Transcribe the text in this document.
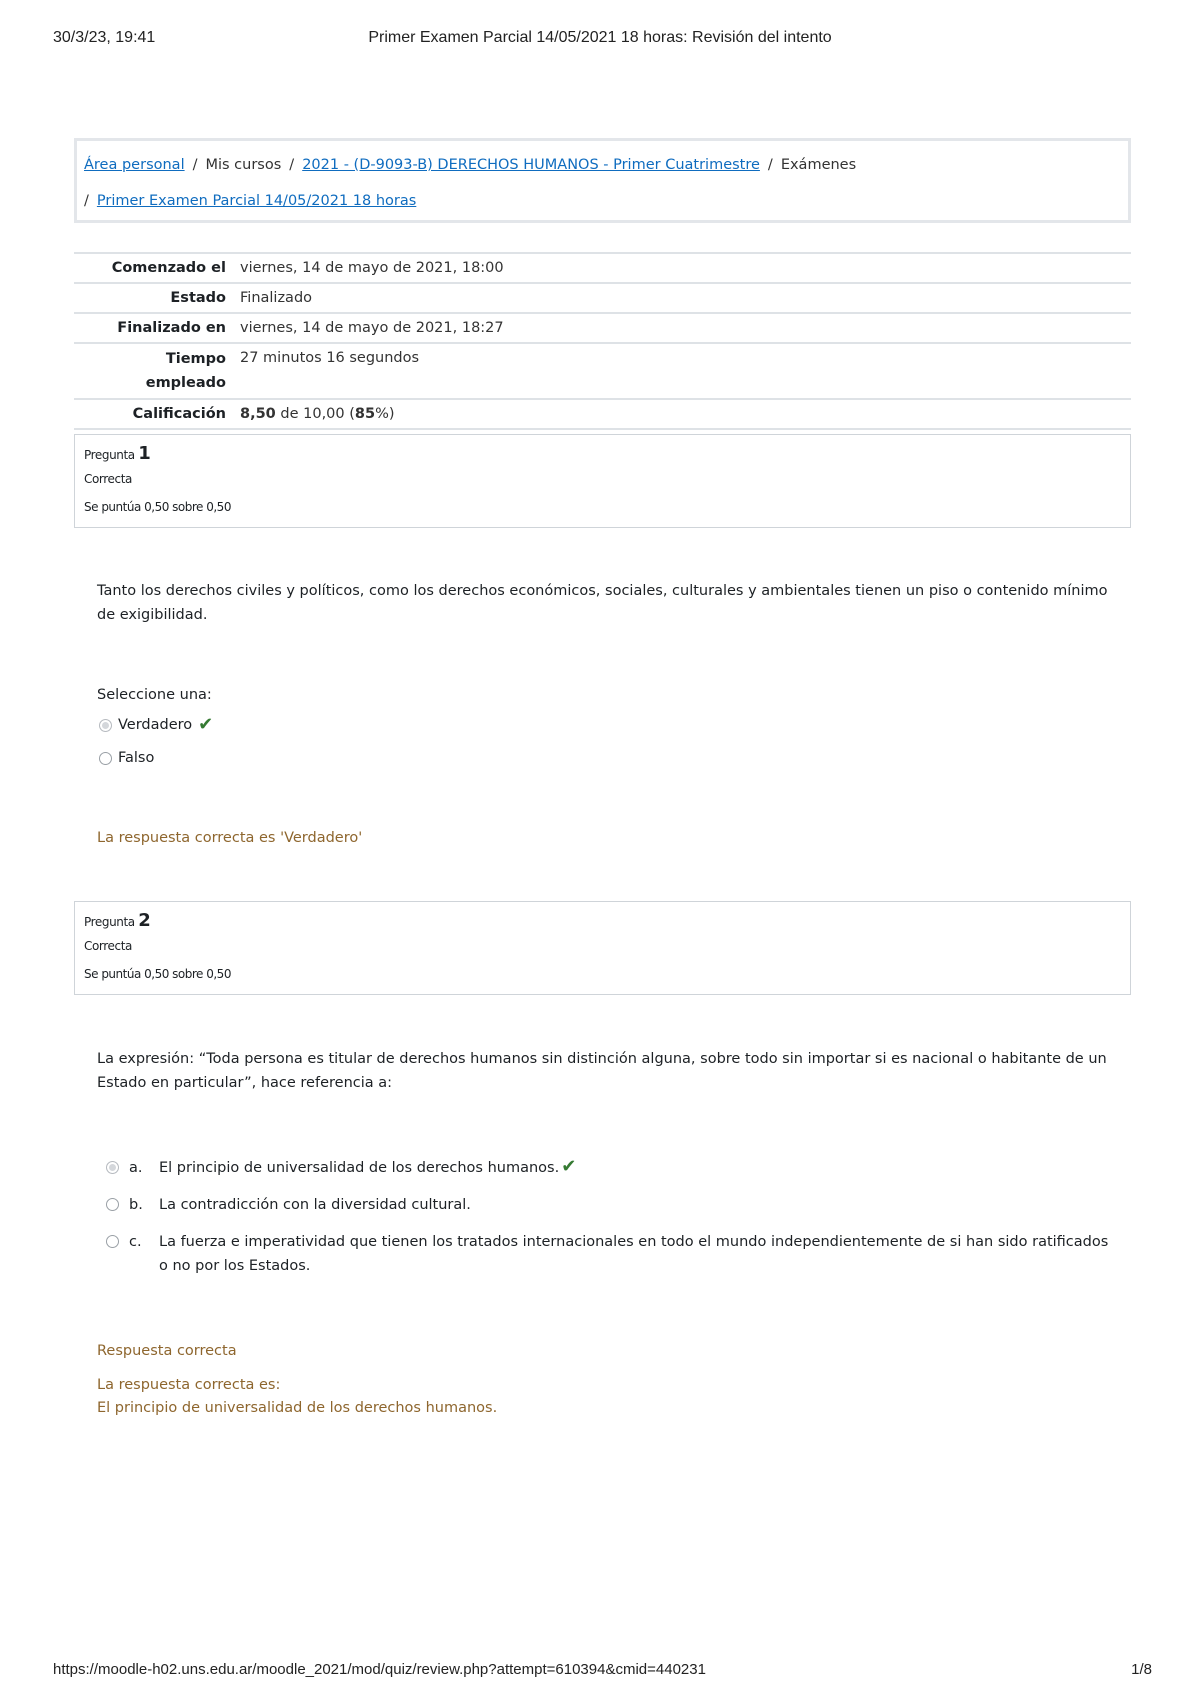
30/3/23, 19:41	Primer Examen Parcial 14/05/2021 18 horas: Revisión del intento
Área personal / Mis cursos / 2021 - (D-9093-B) DERECHOS HUMANOS - Primer Cuatrimestre / Exámenes
/ Primer Examen Parcial 14/05/2021 18 horas
Comenzado el	viernes, 14 de mayo de 2021, 18:00
Estado	Finalizado
Finalizado en	viernes, 14 de mayo de 2021, 18:27
Tiempo
empleado	27 minutos 16 segundos
Calificación	8,50 de 10,00 (85%)
Pregunta 1
Correcta
Se puntúa 0,50 sobre 0,50
Tanto los derechos civiles y políticos, como los derechos económicos, sociales, culturales y ambientales tienen un piso o contenido mínimo de exigibilidad.
Seleccione una:
Verdadero ✔
Falso
La respuesta correcta es 'Verdadero'
Pregunta 2
Correcta
Se puntúa 0,50 sobre 0,50
La expresión: “Toda persona es titular de derechos humanos sin distinción alguna, sobre todo sin importar si es nacional o habitante de un Estado en particular”, hace referencia a:
a. El principio de universalidad de los derechos humanos. ✔
b. La contradicción con la diversidad cultural.
c. La fuerza e imperatividad que tienen los tratados internacionales en todo el mundo independientemente de si han sido ratificados o no por los Estados.
Respuesta correcta
La respuesta correcta es:
El principio de universalidad de los derechos humanos.
https://moodle-h02.uns.edu.ar/moodle_2021/mod/quiz/review.php?attempt=610394&cmid=440231	1/8
